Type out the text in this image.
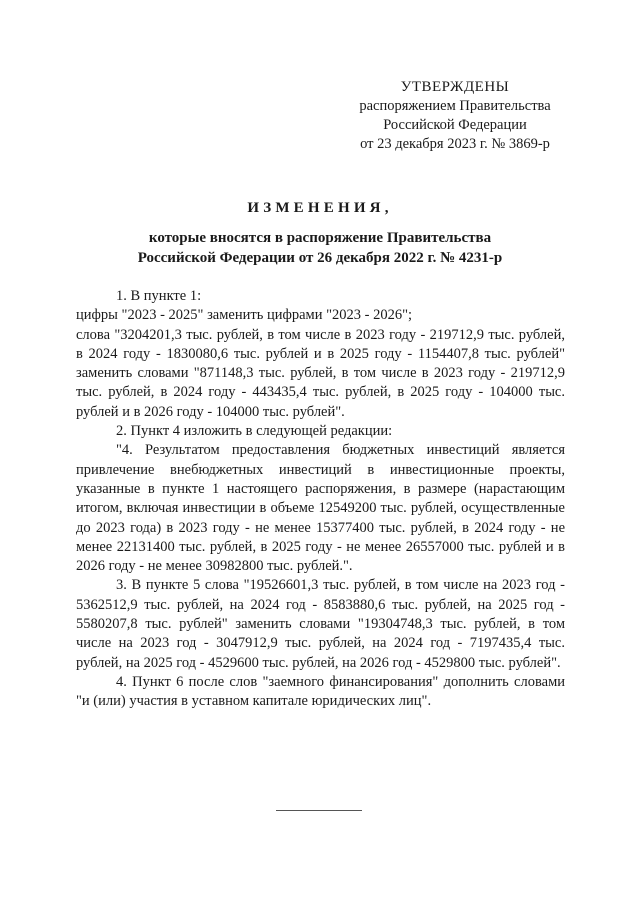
УТВЕРЖДЕНЫ
распоряжением Правительства
Российской Федерации
от 23 декабря 2023 г. № 3869-р
ИЗМЕНЕНИЯ,
которые вносятся в распоряжение Правительства
Российской Федерации от 26 декабря 2022 г. № 4231-р

1. В пункте 1:

цифры "2023 - 2025" заменить цифрами "2023 - 2026";

слова "3204201,3 тыс. рублей, в том числе в 2023 году - 219712,9 тыс. рублей, в 2024 году - 1830080,6 тыс. рублей и в 2025 году - 1154407,8 тыс. рублей" заменить словами "871148,3 тыс. рублей, в том числе в 2023 году - 219712,9 тыс. рублей, в 2024 году - 443435,4 тыс. рублей, в 2025 году - 104000 тыс. рублей и в 2026 году - 104000 тыс. рублей".

2. Пункт 4 изложить в следующей редакции:

"4. Результатом предоставления бюджетных инвестиций является привлечение внебюджетных инвестиций в инвестиционные проекты, указанные в пункте 1 настоящего распоряжения, в размере (нарастающим итогом, включая инвестиции в объеме 12549200 тыс. рублей, осуществленные до 2023 года) в 2023 году - не менее 15377400 тыс. рублей, в 2024 году - не менее 22131400 тыс. рублей, в 2025 году - не менее 26557000 тыс. рублей и в 2026 году - не менее 30982800 тыс. рублей.".

3. В пункте 5 слова "19526601,3 тыс. рублей, в том числе на 2023 год - 5362512,9 тыс. рублей, на 2024 год - 8583880,6 тыс. рублей, на 2025 год - 5580207,8 тыс. рублей" заменить словами "19304748,3 тыс. рублей, в том числе на 2023 год - 3047912,9 тыс. рублей, на 2024 год - 7197435,4 тыс. рублей, на 2025 год - 4529600 тыс. рублей, на 2026 год - 4529800 тыс. рублей".

4. Пункт 6 после слов "заемного финансирования" дополнить словами "и (или) участия в уставном капитале юридических лиц".
